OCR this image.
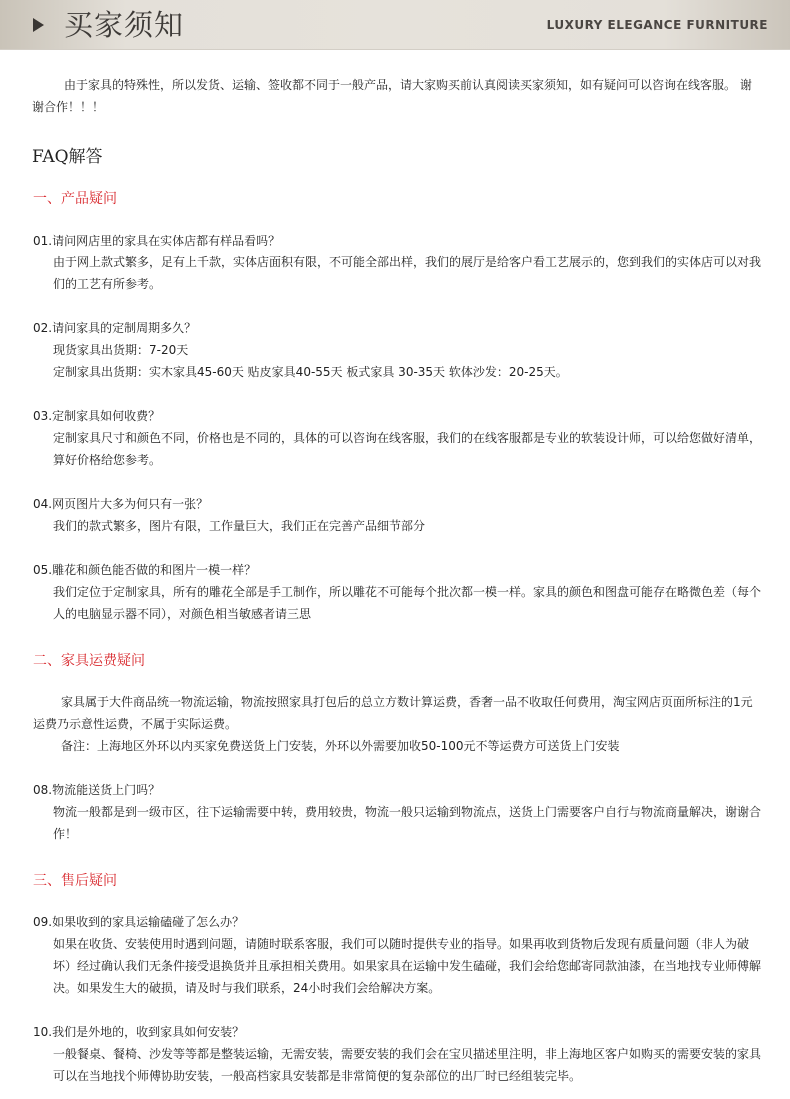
买家须知	LUXURY ELEGANCE FURNITURE
由于家具的特殊性，所以发货、运输、签收都不同于一般产品，请大家购买前认真阅读买家须知，如有疑问可以咨询在线客服。 谢谢合作！！！
FAQ解答
一、产品疑问
01.请问网店里的家具在实体店都有样品看吗？
由于网上款式繁多，足有上千款，实体店面积有限，不可能全部出样，我们的展厅是给客户看工艺展示的，您到我们的实体店可以对我们的工艺有所参考。
02.请问家具的定制周期多久？
现货家具出货期：7-20天
定制家具出货期：实木家具45-60天 贴皮家具40-55天 板式家具 30-35天 软体沙发：20-25天。
03.定制家具如何收费？
定制家具尺寸和颜色不同，价格也是不同的，具体的可以咨询在线客服，我们的在线客服都是专业的软装设计师，可以给您做好清单，算好价格给您参考。
04.网页图片大多为何只有一张？
我们的款式繁多，图片有限，工作量巨大，我们正在完善产品细节部分
05.雕花和颜色能否做的和图片一模一样？
我们定位于定制家具，所有的雕花全部是手工制作，所以雕花不可能每个批次都一模一样。家具的颜色和图盘可能存在略微色差（每个人的电脑显示器不同），对颜色相当敏感者请三思
二、家具运费疑问
家具属于大件商品统一物流运输，物流按照家具打包后的总立方数计算运费，香奢一品不收取任何费用，淘宝网店页面所标注的1元运费乃示意性运费，不属于实际运费。
备注：上海地区外环以内买家免费送货上门安装，外环以外需要加收50-100元不等运费方可送货上门安装
08.物流能送货上门吗？
物流一般都是到一级市区，往下运输需要中转，费用较贵，物流一般只运输到物流点，送货上门需要客户自行与物流商量解决，谢谢合作！
三、售后疑问
09.如果收到的家具运输磕碰了怎么办？
如果在收货、安装使用时遇到问题，请随时联系客服，我们可以随时提供专业的指导。如果再收到货物后发现有质量问题（非人为破坏）经过确认我们无条件接受退换货并且承担相关费用。如果家具在运输中发生磕碰，我们会给您邮寄同款油漆，在当地找专业师傅解决。如果发生大的破损，请及时与我们联系，24小时我们会给解决方案。
10.我们是外地的，收到家具如何安装？
一般餐桌、餐椅、沙发等等都是整装运输，无需安装，需要安装的我们会在宝贝描述里注明，非上海地区客户如购买的需要安装的家具可以在当地找个师傅协助安装，一般高档家具安装都是非常简便的复杂部位的出厂时已经组装完毕。
